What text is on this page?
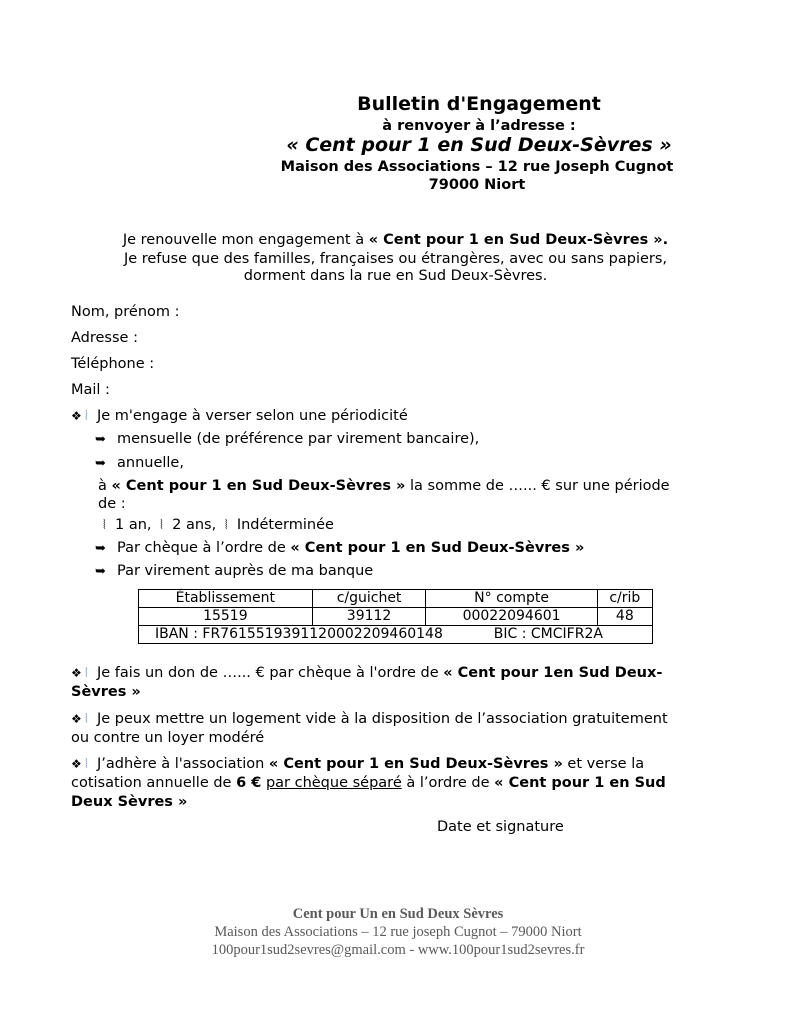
Bulletin d'Engagement
à renvoyer à l’adresse :
« Cent pour 1 en Sud Deux-Sèvres »
Maison des Associations – 12 rue Joseph Cugnot
79000 Niort
Je renouvelle mon engagement à « Cent pour 1 en Sud Deux-Sèvres ».
Je refuse que des familles, françaises ou étrangères, avec ou sans papiers,
dorment dans la rue en Sud Deux-Sèvres.
Nom, prénom :
Adresse :
Téléphone :
Mail :
❖ ⦚ Je m'engage à verser selon une périodicité
➥ mensuelle (de préférence par virement bancaire),
➥ annuelle,
à « Cent pour 1 en Sud Deux-Sèvres » la somme de …... € sur une période
de :
⦚ 1 an, ⦚ 2 ans, ⦚ Indéterminée
➥ Par chèque à l’ordre de « Cent pour 1 en Sud Deux-Sèvres »
➥ Par virement auprès de ma banque
Établissement	c/guichet	N° compte	c/rib
15519	39112	00022094601	48
IBAN : FR7615519391120002209460148 BIC : CMCIFR2A			
❖ ⦚ Je fais un don de …... € par chèque à l'ordre de « Cent pour 1en Sud Deux-
Sèvres »
❖ ⦚ Je peux mettre un logement vide à la disposition de l’association gratuitement
ou contre un loyer modéré
❖ ⦚ J’adhère à l'association « Cent pour 1 en Sud Deux-Sèvres » et verse la
cotisation annuelle de 6 € par chèque séparé à l’ordre de « Cent pour 1 en Sud
Deux Sèvres »
Date et signature
Cent pour Un en Sud Deux Sèvres
Maison des Associations – 12 rue joseph Cugnot – 79000 Niort
100pour1sud2sevres@gmail.com - www.100pour1sud2sevres.fr
